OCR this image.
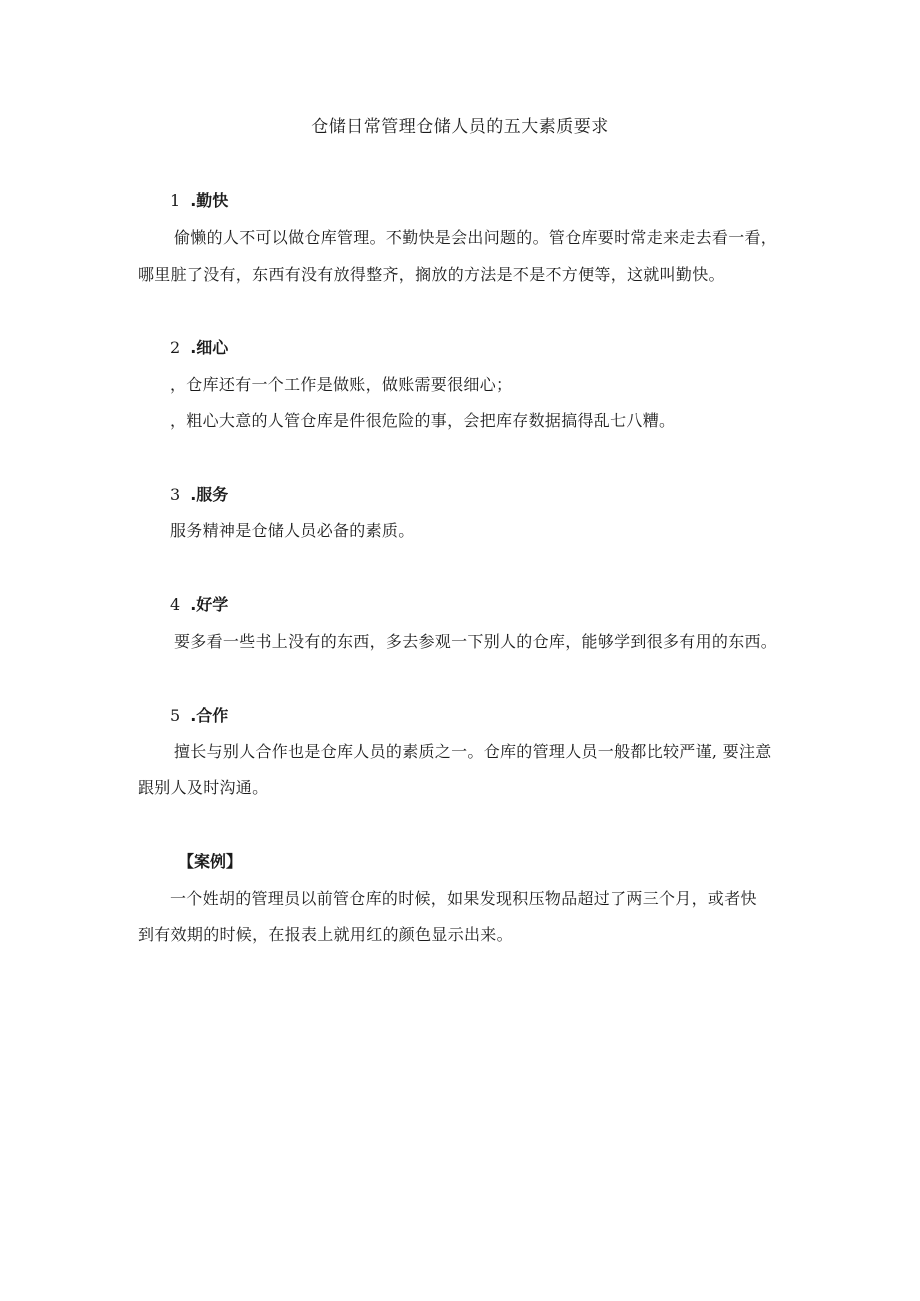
仓储日常管理仓储人员的五大素质要求
1 .勤快
偷懒的人不可以做仓库管理。不勤快是会出问题的。管仓库要时常走来走去看一看，
哪里脏了没有，东西有没有放得整齐，搁放的方法是不是不方便等，这就叫勤快。
2 .细心
，仓库还有一个工作是做账，做账需要很细心；
，粗心大意的人管仓库是件很危险的事，会把库存数据搞得乱七八糟。
3 .服务
服务精神是仓储人员必备的素质。
4 .好学
要多看一些书上没有的东西，多去参观一下别人的仓库，能够学到很多有用的东西。
5 .合作
擅长与别人合作也是仓库人员的素质之一。仓库的管理人员一般都比较严谨, 要注意
跟别人及时沟通。
【案例】
一个姓胡的管理员以前管仓库的时候，如果发现积压物品超过了两三个月，或者快
到有效期的时候，在报表上就用红的颜色显示出来。
